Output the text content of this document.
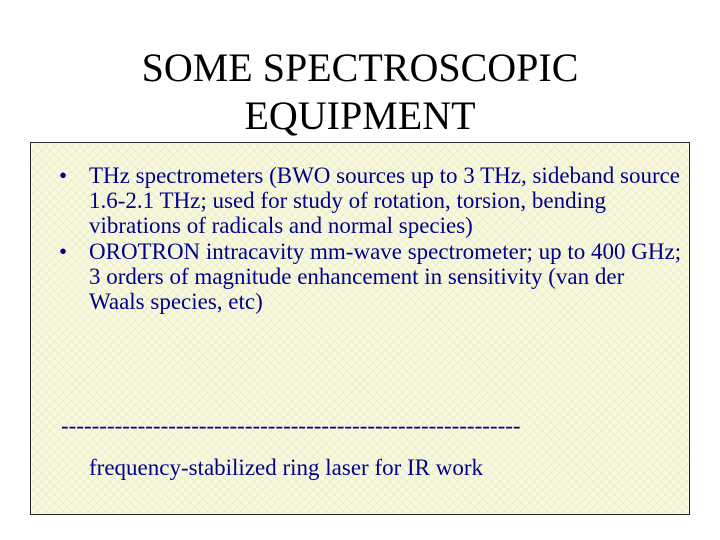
SOME SPECTROSCOPIC
EQUIPMENT
• THz spectrometers (BWO sources up to 3 THz, sideband source 1.6-2.1 THz; used for study of rotation, torsion, bending vibrations of radicals and normal species)
• OROTRON intracavity mm-wave spectrometer; up to 400 GHz; 3 orders of magnitude enhancement in sensitivity (van der Waals species, etc)
------------------------------------------------------------
frequency-stabilized ring laser for IR work
